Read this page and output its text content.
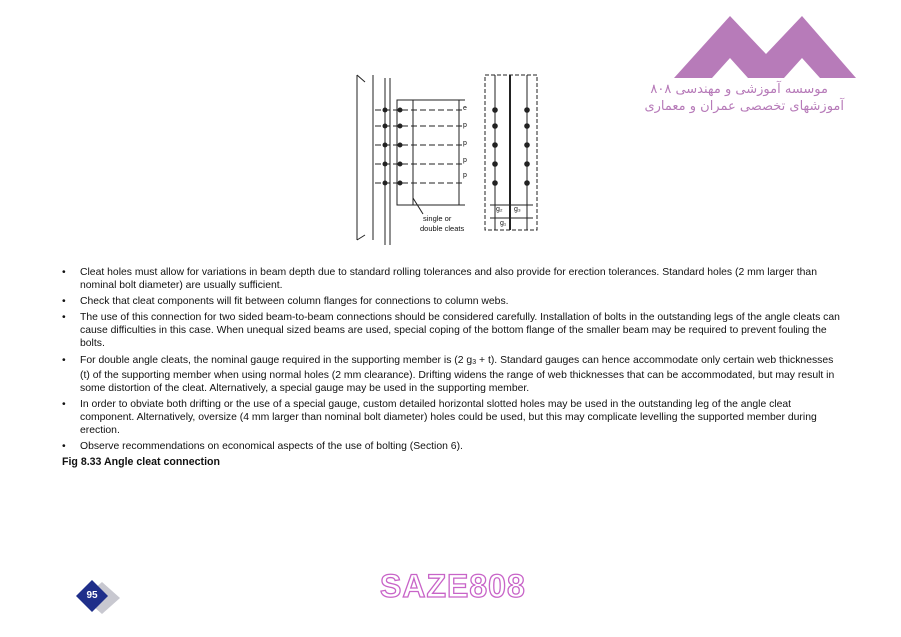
e
p
p
p
p
single or
double cleats
g₂ g₃
g₁
موسسه آموزشی و مهندسی ۸۰۸
آموزشهای تخصصی عمران و معماری
• Cleat holes must allow for variations in beam depth due to standard rolling tolerances and also provide for erection tolerances. Standard holes (2 mm larger than nominal bolt diameter) are usually sufficient.
• Check that cleat components will fit between column flanges for connections to column webs.
• The use of this connection for two sided beam-to-beam connections should be considered carefully. Installation of bolts in the outstanding legs of the angle cleats can cause difficulties in this case. When unequal sized beams are used, special coping of the bottom flange of the smaller beam may be required to prevent fouling the bolts.
• For double angle cleats, the nominal gauge required in the supporting member is (2 g3 + t). Standard gauges can hence accommodate only certain web thicknesses (t) of the supporting member when using normal holes (2 mm clearance). Drifting widens the range of web thicknesses that can be accommodated, but may result in some distortion of the cleat. Alternatively, a special gauge may be used in the supporting member.
• In order to obviate both drifting or the use of a special gauge, custom detailed horizontal slotted holes may be used in the outstanding leg of the angle cleat component. Alternatively, oversize (4 mm larger than nominal bolt diameter) holes could be used, but this may complicate levelling the supported member during erection.
• Observe recommendations on economical aspects of the use of bolting (Section 6).
Fig 8.33 Angle cleat connection
95	SAZE808
